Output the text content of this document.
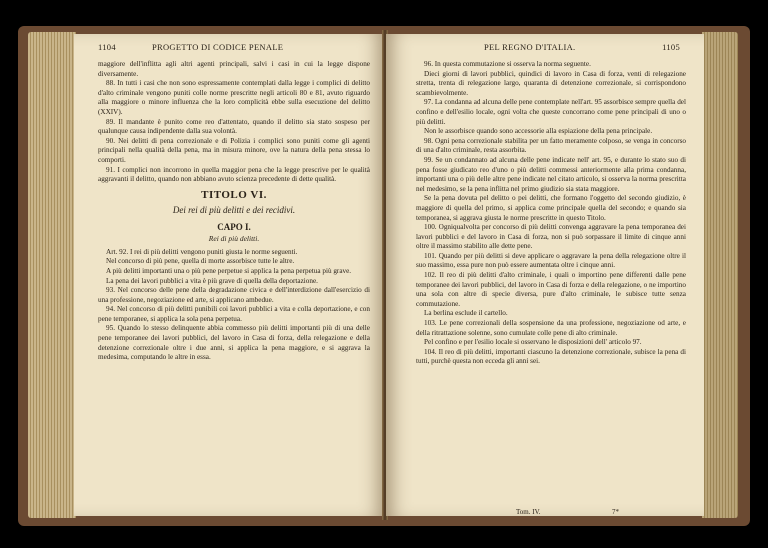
1104	PROGETTO DI CODICE PENALE

maggiore dell'inflitta agli altri agenti principali, salvi i casi in cui la legge dispone diversamente.

88. In tutti i casi che non sono espressamente contemplati dalla legge i complici di delitto d'alto criminale vengono puniti colle norme prescritte negli articoli 80 e 81, avuto riguardo alla maggiore o minore influenza che la loro complicità ebbe sulla esecuzione del delitto (XXIV).

89. Il mandante è punito come reo d'attentato, quando il delitto sia stato sospeso per qualunque causa indipendente dalla sua volontà.

90. Nei delitti di pena correzionale e di Polizia i complici sono puniti come gli agenti principali nella qualità della pena, ma in misura minore, ove la natura della pena stessa lo comporti.

91. I complici non incorrono in quella maggior pena che la legge prescrive per le qualità aggravanti il delitto, quando non abbiano avuto scienza precedente di dette qualità.

TITOLO VI.
Dei rei di più delitti e dei recidivi.
CAPO I.
Rei di più delitti.

Art. 92. I rei di più delitti vengono puniti giusta le norme seguenti.

Nel concorso di più pene, quella di morte assorbisce tutte le altre.

A più delitti importanti una o più pene perpetue si applica la pena perpetua più grave.

La pena dei lavori pubblici a vita è più grave di quella della deportazione.

93. Nel concorso delle pene della degradazione civica e dell'interdizione dall'esercizio di una professione, negoziazione ed arte, si applicano ambedue.

94. Nel concorso di più delitti punibili coi lavori pubblici a vita e colla deportazione, e con pene temporanee, si applica la sola pena perpetua.

95. Quando lo stesso delinquente abbia commesso più delitti importanti più di una delle pene temporanee dei lavori pubblici, del lavoro in Casa di forza, della relegazione e della detenzione correzionale oltre i due anni, si applica la pena maggiore, e si aggrava la medesima, computando le altre in essa.

PEL REGNO D'ITALIA.	1105

96. In questa commutazione si osserva la norma seguente.

Dieci giorni di lavori pubblici, quindici di lavoro in Casa di forza, venti di relegazione stretta, trenta di relegazione largo, quaranta di detenzione correzionale, si corrispondono scambievolmente.

97. La condanna ad alcuna delle pene contemplate nell'art. 95 assorbisce sempre quella del confino e dell'esilio locale, ogni volta che queste concorrano come pene principali di uno o più delitti.

Non le assorbisce quando sono accessorie alla espiazione della pena principale.

98. Ogni pena correzionale stabilita per un fatto meramente colposo, se venga in concorso di una d'alto criminale, resta assorbita.

99. Se un condannato ad alcuna delle pene indicate nell' art. 95, e durante lo stato suo di pena fosse giudicato reo d'uno o più delitti commessi anteriormente alla prima condanna, importanti una o più delle altre pene indicate nel citato articolo, si osserva la norma prescritta nel medesimo, se la pena inflitta nel primo giudizio sia stata maggiore.

Se la pena dovuta pel delitto o pei delitti, che formano l'oggetto del secondo giudizio, è maggiore di quella del primo, si applica come principale quella del secondo; e quando sia temporanea, si aggrava giusta le norme prescritte in questo Titolo.

100. Ogniqualvolta per concorso di più delitti convenga aggravare la pena temporanea dei lavori pubblici e del lavoro in Casa di forza, non si può sorpassare il limite di cinque anni oltre il massimo stabilito alle dette pene.

101. Quando per più delitti si deve applicare o aggravare la pena della relegazione oltre il suo massimo, essa pure non può essere aumentata oltre i cinque anni.

102. Il reo di più delitti d'alto criminale, i quali o importino pene differenti dalle pene temporanee dei lavori pubblici, del lavoro in Casa di forza e della relegazione, o ne importino una sola con altre di specie diversa, pure d'alto criminale, le subisce tutte senza commutazione.

La berlina esclude il cartello.

103. Le pene correzionali della sospensione da una professione, negoziazione od arte, e della ritrattazione solenne, sono cumulate colle pene di alto criminale.

Pel confino e per l'esilio locale si osservano le disposizioni dell' articolo 97.

104. Il reo di più delitti, importanti ciascuno la detenzione correzionale, subisce la pena di tutti, purchè questa non ecceda gli anni sei.

Tom. IV.	7*
